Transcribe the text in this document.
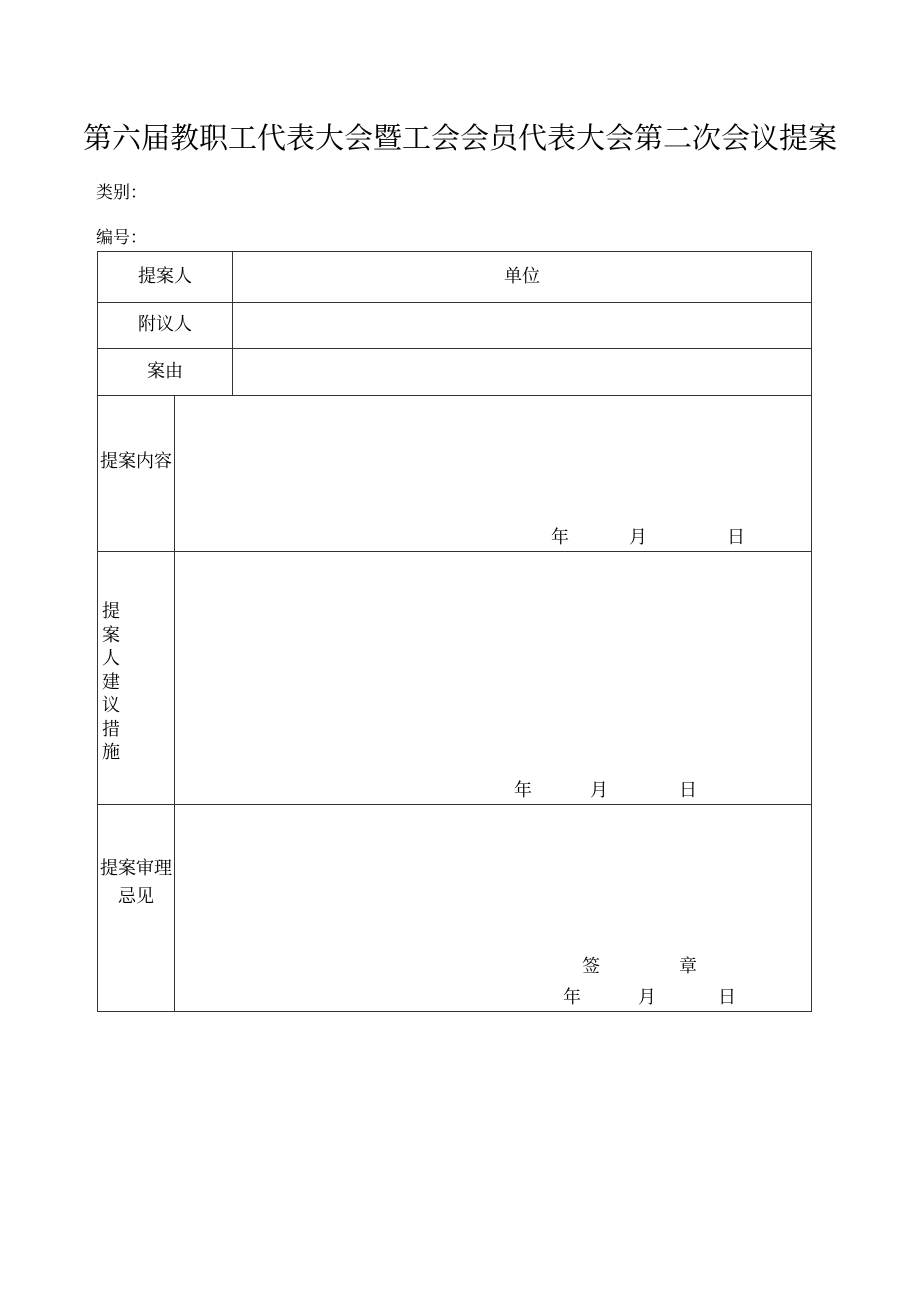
第六届教职工代表大会暨工会会员代表大会第二次会议提案
类别：
编号：
提案人	单位
附议人
案由
提案内容
年	月	日
提案人建议措施
年	月	日
提案审理忌见
签	章
年	月	日
